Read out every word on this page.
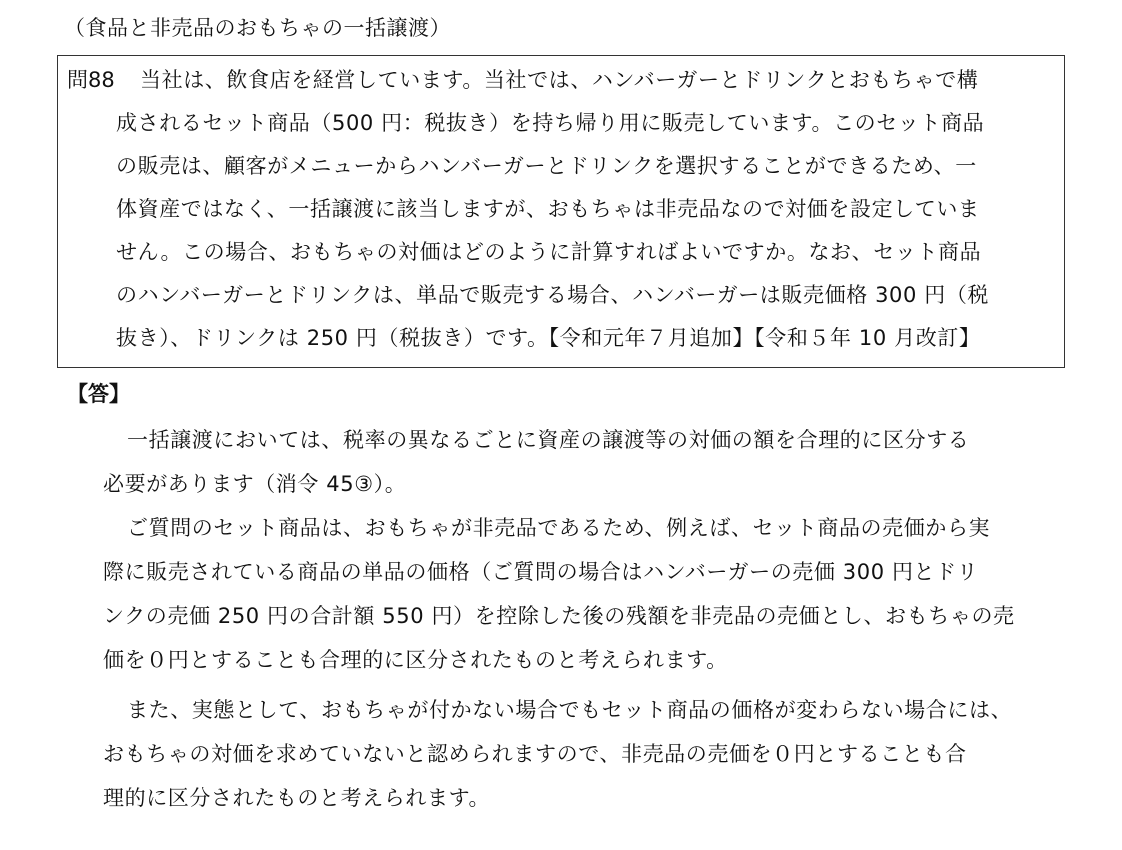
（食品と非売品のおもちゃの一括譲渡）
問88 当社は、飲食店を経営しています。当社では、ハンバーガーとドリンクとおもちゃで構
成されるセット商品（500 円：税抜き）を持ち帰り用に販売しています。このセット商品
の販売は、顧客がメニューからハンバーガーとドリンクを選択することができるため、一
体資産ではなく、一括譲渡に該当しますが、おもちゃは非売品なので対価を設定していま
せん。この場合、おもちゃの対価はどのように計算すればよいですか。なお、セット商品
のハンバーガーとドリンクは、単品で販売する場合、ハンバーガーは販売価格 300 円（税
抜き）、ドリンクは 250 円（税抜き）です。【令和元年７月追加】【令和５年 10 月改訂】
【答】
一括譲渡においては、税率の異なるごとに資産の譲渡等の対価の額を合理的に区分する
必要があります（消令 45③）。
ご質問のセット商品は、おもちゃが非売品であるため、例えば、セット商品の売価から実
際に販売されている商品の単品の価格（ご質問の場合はハンバーガーの売価 300 円とドリ
ンクの売価 250 円の合計額 550 円）を控除した後の残額を非売品の売価とし、おもちゃの売
価を０円とすることも合理的に区分されたものと考えられます。
また、実態として、おもちゃが付かない場合でもセット商品の価格が変わらない場合には、
おもちゃの対価を求めていないと認められますので、非売品の売価を０円とすることも合
理的に区分されたものと考えられます。
